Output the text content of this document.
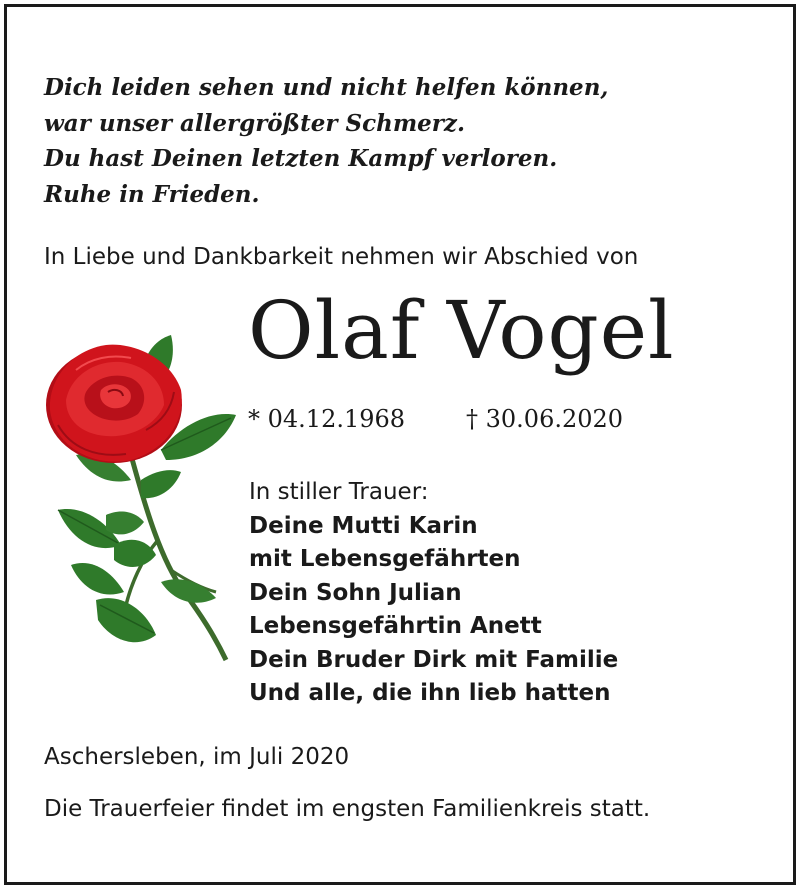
Dich leiden sehen und nicht helfen können,
war unser allergrößter Schmerz.
Du hast Deinen letzten Kampf verloren.
Ruhe in Frieden.
In Liebe und Dankbarkeit nehmen wir Abschied von
Olaf Vogel
* 04.12.1968	† 30.06.2020
In stiller Trauer:
Deine Mutti Karin
mit Lebensgefährten
Dein Sohn Julian
Lebensgefährtin Anett
Dein Bruder Dirk mit Familie
Und alle, die ihn lieb hatten
Aschersleben, im Juli 2020
Die Trauerfeier findet im engsten Familienkreis statt.
